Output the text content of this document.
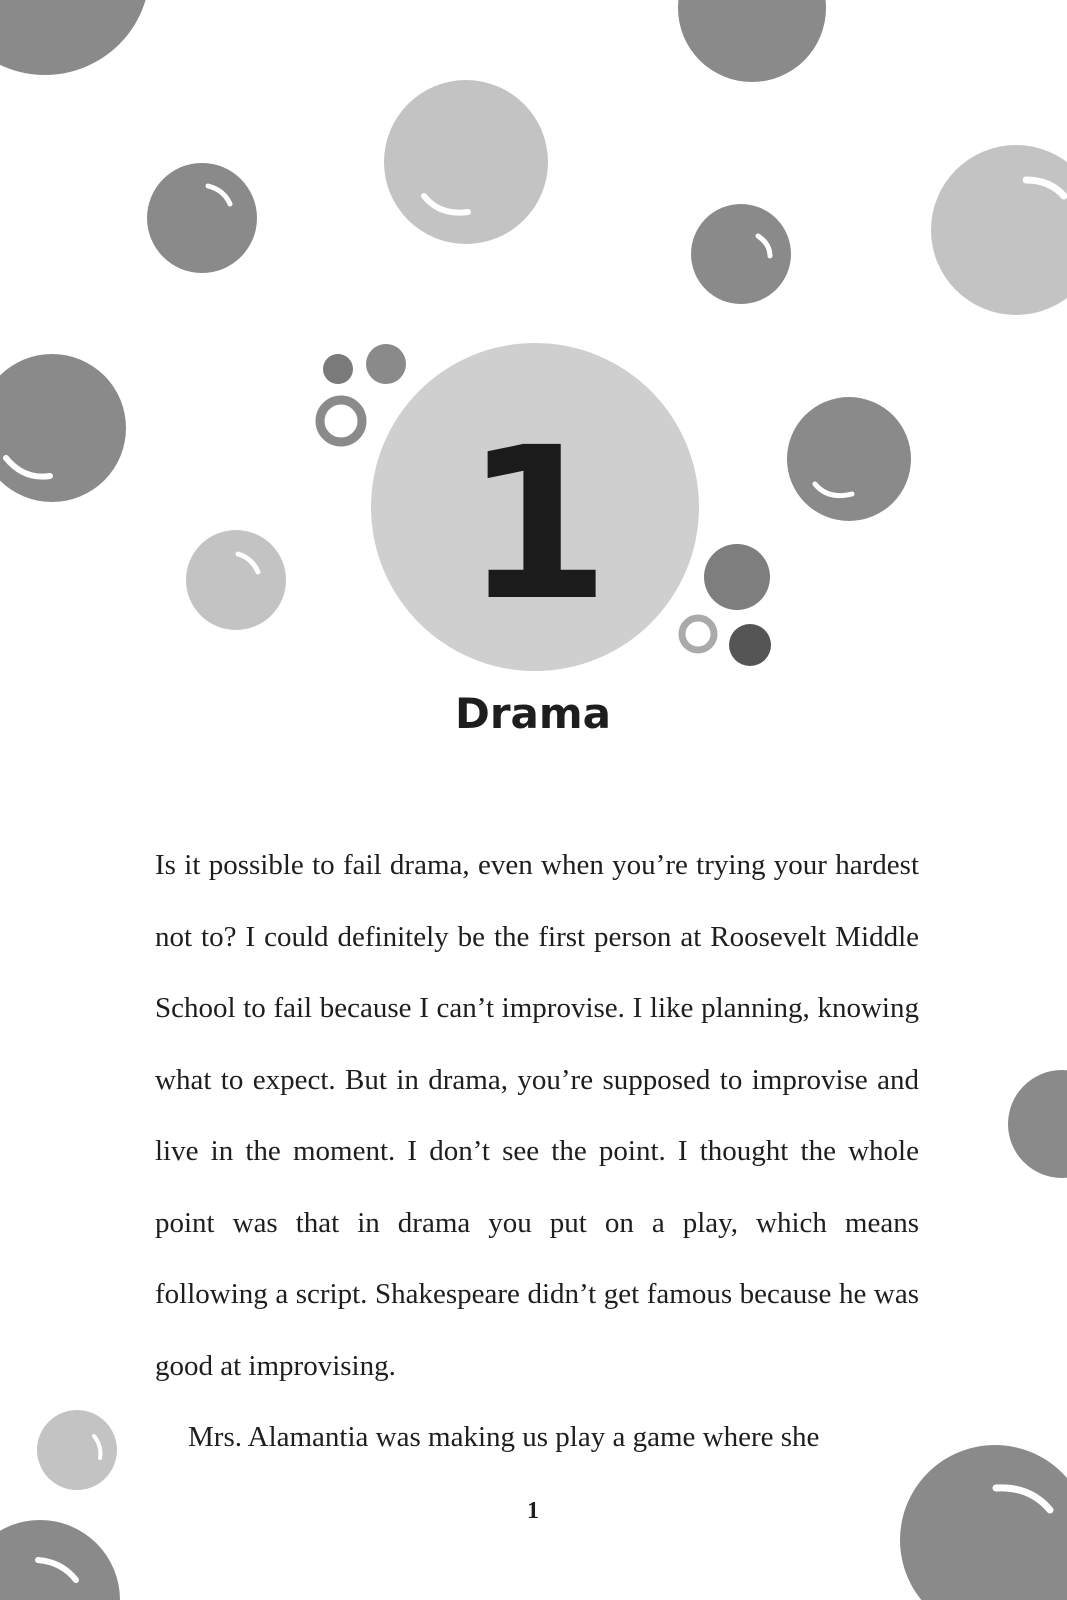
1
Drama

Is it possible to fail drama, even when you’re trying your hardest not to? I could definitely be the first person at Roosevelt Middle School to fail because I can’t improvise. I like planning, knowing what to expect. But in drama, you’re supposed to improvise and live in the moment. I don’t see the point. I thought the whole point was that in drama you put on a play, which means following a script. Shakespeare didn’t get famous because he was good at improvising.

Mrs. Alamantia was making us play a game where she

1
